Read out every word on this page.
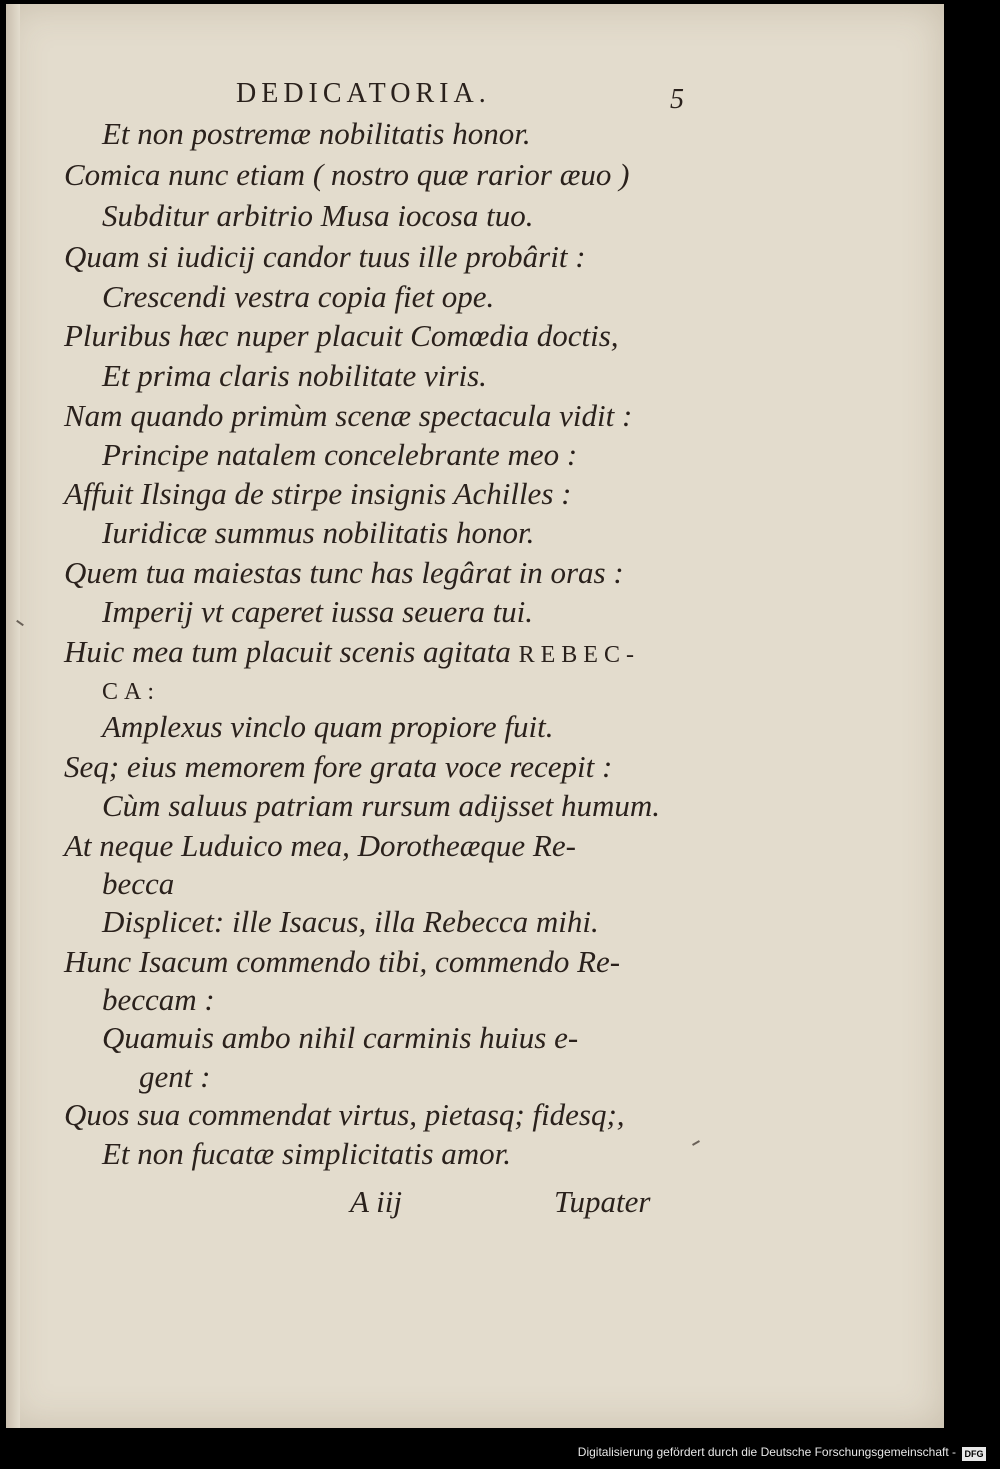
DEDICATORIA.	5
Et non postremæ nobilitatis honor.
Comica nunc etiam ( nostro quæ rarior æuo )
Subditur arbitrio Musa iocosa tuo.
Quam si iudicij candor tuus ille probârit :
Crescendi vestra copia fiet ope.
Pluribus hæc nuper placuit Comœdia doctis,
Et prima claris nobilitate viris.
Nam quando primùm scenæ spectacula vidit :
Principe natalem concelebrante meo :
Affuit Ilsinga de stirpe insignis Achilles :
Iuridicæ summus nobilitatis honor.
Quem tua maiestas tunc has legârat in oras :
Imperij vt caperet iussa seuera tui.
Huic mea tum placuit scenis agitata REBEC-
CA:
Amplexus vinclo quam propiore fuit.
Seq; eius memorem fore grata voce recepit :
Cùm saluus patriam rursum adijsset humum.
At neque Luduico mea, Dorotheæque Re-
becca
Displicet: ille Isacus, illa Rebecca mihi.
Hunc Isacum commendo tibi, commendo Re-
beccam :
Quamuis ambo nihil carminis huius e-
gent :
Quos sua commendat virtus, pietasq; fidesq;,
Et non fucatæ simplicitatis amor.
A iij	Tupater
Digitalisierung gefördert durch die Deutsche Forschungsgemeinschaft - DFG
